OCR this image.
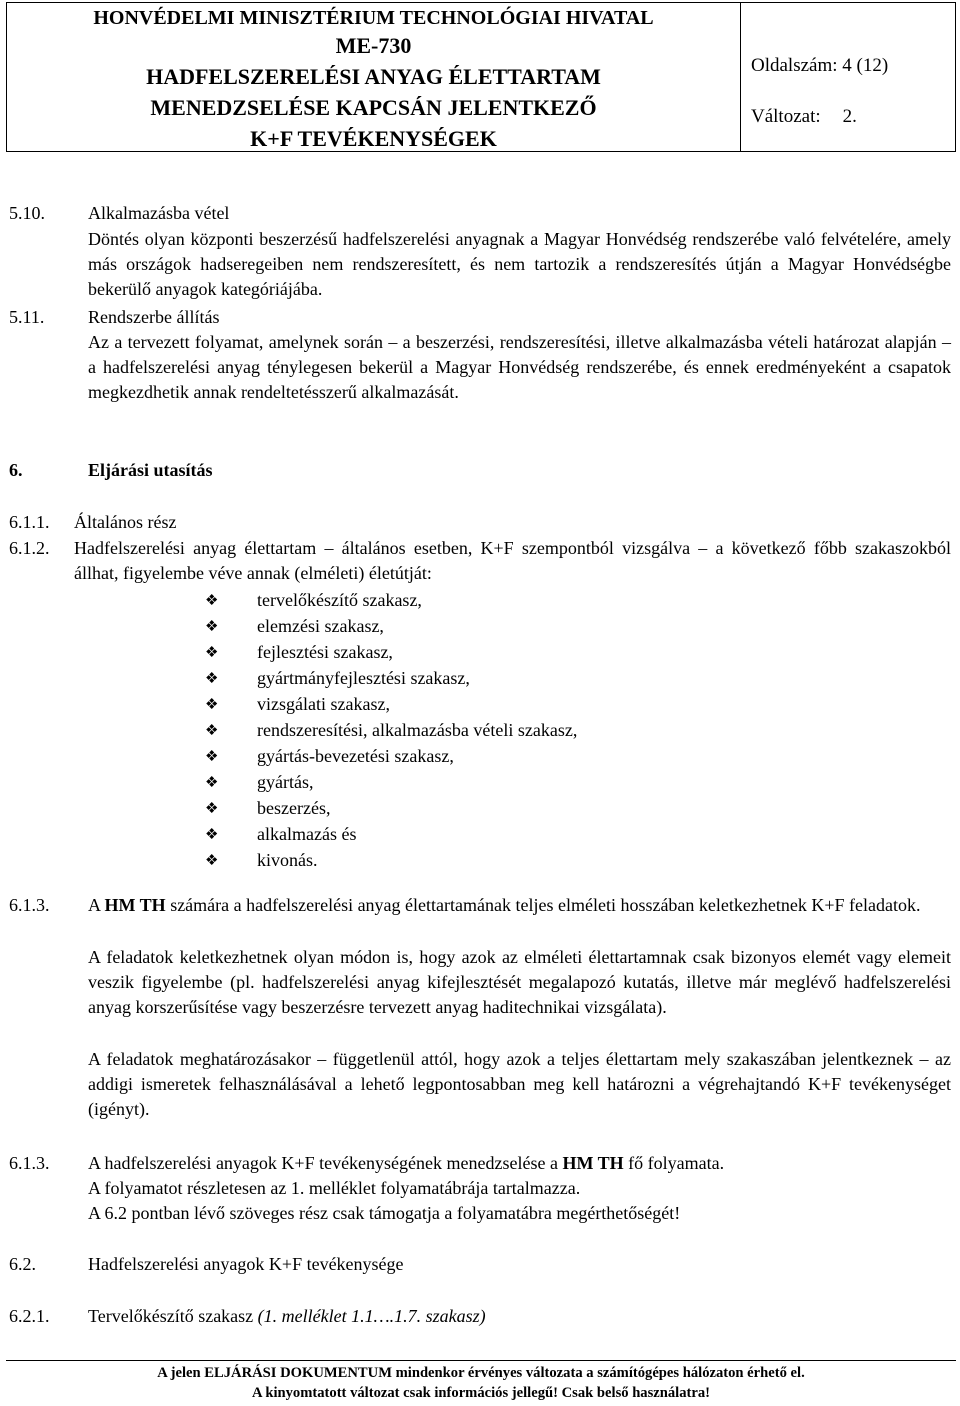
HONVÉDELMI MINISZTÉRIUM TECHNOLÓGIAI HIVATAL
ME-730
HADFELSZERELÉSI ANYAG ÉLETTARTAM
MENEDZSELÉSE KAPCSÁN JELENTKEZŐ
K+F TEVÉKENYSÉGEK
Oldalszám: 4 (12)
Változat: 2.
5.10. Alkalmazásba vétel
Döntés olyan központi beszerzésű hadfelszerelési anyagnak a Magyar Honvédség rendszerébe való felvételére, amely más országok hadseregeiben nem rendszeresített, és nem tartozik a rendszeresítés útján a Magyar Honvédségbe bekerülő anyagok kategóriájába.
5.11. Rendszerbe állítás
Az a tervezett folyamat, amelynek során – a beszerzési, rendszeresítési, illetve alkalmazásba vételi határozat alapján – a hadfelszerelési anyag ténylegesen bekerül a Magyar Honvédség rendszerébe, és ennek eredményeként a csapatok megkezdhetik annak rendeltetésszerű alkalmazását.
6.	Eljárási utasítás
6.1.1. Általános rész
6.1.2. Hadfelszerelési anyag élettartam – általános esetben, K+F szempontból vizsgálva – a következő főbb szakaszokból állhat, figyelembe véve annak (elméleti) életútját:
❖ tervelőkészítő szakasz,
❖ elemzési szakasz,
❖ fejlesztési szakasz,
❖ gyártmányfejlesztési szakasz,
❖ vizsgálati szakasz,
❖ rendszeresítési, alkalmazásba vételi szakasz,
❖ gyártás-bevezetési szakasz,
❖ gyártás,
❖ beszerzés,
❖ alkalmazás és
❖ kivonás.
6.1.3. A HM TH számára a hadfelszerelési anyag élettartamának teljes elméleti hosszában keletkezhetnek K+F feladatok.
A feladatok keletkezhetnek olyan módon is, hogy azok az elméleti élettartamnak csak bizonyos elemét vagy elemeit veszik figyelembe (pl. hadfelszerelési anyag kifejlesztését megalapozó kutatás, illetve már meglévő hadfelszerelési anyag korszerűsítése vagy beszerzésre tervezett anyag haditechnikai vizsgálata).
A feladatok meghatározásakor – függetlenül attól, hogy azok a teljes élettartam mely szakaszában jelentkeznek – az addigi ismeretek felhasználásával a lehető legpontosabban meg kell határozni a végrehajtandó K+F tevékenységet (igényt).
6.1.3. A hadfelszerelési anyagok K+F tevékenységének menedzselése a HM TH fő folyamata.
A folyamatot részletesen az 1. melléklet folyamatábrája tartalmazza.
A 6.2 pontban lévő szöveges rész csak támogatja a folyamatábra megérthetőségét!
6.2.	Hadfelszerelési anyagok K+F tevékenysége
6.2.1. Tervelőkészítő szakasz (1. melléklet 1.1….1.7. szakasz)
A jelen ELJÁRÁSI DOKUMENTUM mindenkor érvényes változata a számítógépes hálózaton érhető el.
A kinyomtatott változat csak információs jellegű! Csak belső használatra!
